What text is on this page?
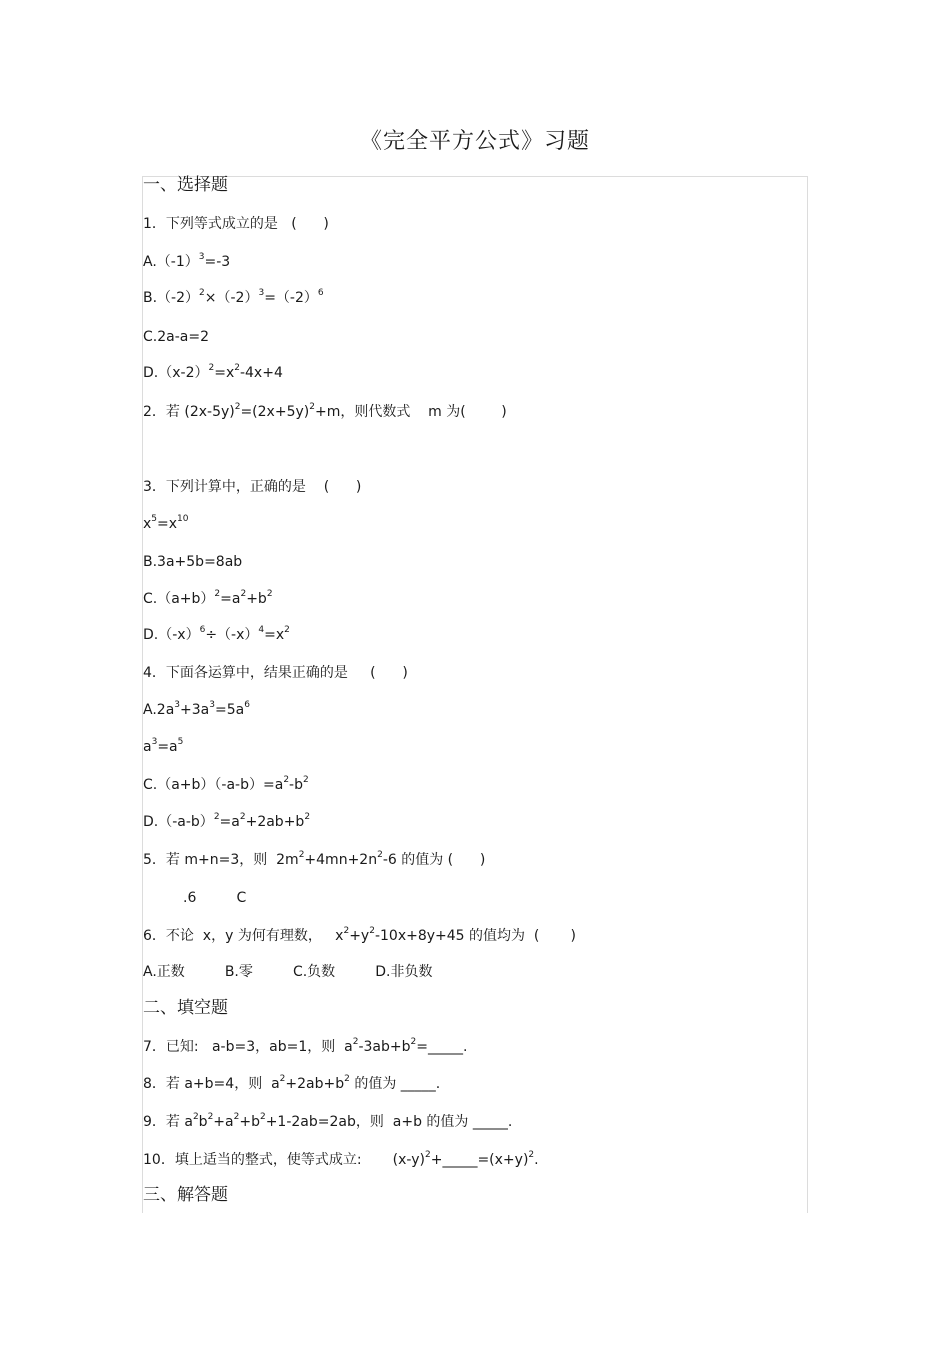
《完全平方公式》习题
一、选择题
1．下列等式成立的是   (      )
$A.(-1)^3=-3$
$B.(-2)^2\times(-2)^3=(-2)^6$
C.2a-a=2
$D.(x-2)^2=x^2-4x+4$
2．若 $(2x-5y)^2=(2x+5y)^2+m$，则代数式    m 为(        )
3．下列计算中，正确的是    (      )
$x^5=x^{10}$
B.3a+5b=8ab
$C.(a+b)^2=a^2+b^2$
$D.(-x)^6\div(-x)^4=x^2$
4．下面各运算中，结果正确的是     (      )
$A.2a^3+3a^3=5a^6$
$a^3=a^5$
$C.(a+b)(-a-b)=a^2-b^2$
$D.(-a-b)^2=a^2+2ab+b^2$
5．若 m+n=3，则  $2m^2+4mn+2n^2-6$ 的值为 (      )
.6         C
6．不论  x，y 为何有理数，   $x^2+y^2-10x+8y+45$ 的值均为  (       )
A.正数         B.零         C.负数         D.非负数
二、填空题
7．已知:   a-b=3，ab=1，则  $a^2-3ab+b^2=\_\_\_\_\_$.
8．若 a+b=4，则  $a^2+2ab+b^2$ 的值为 _____.
9．若 $a^2b^2+a^2+b^2+1-2ab=2ab$，则  a+b 的值为 _____.
10．填上适当的整式，使等式成立:       $(x-y)^2+\_\_\_\_\_=(x+y)^2$.
三、解答题
